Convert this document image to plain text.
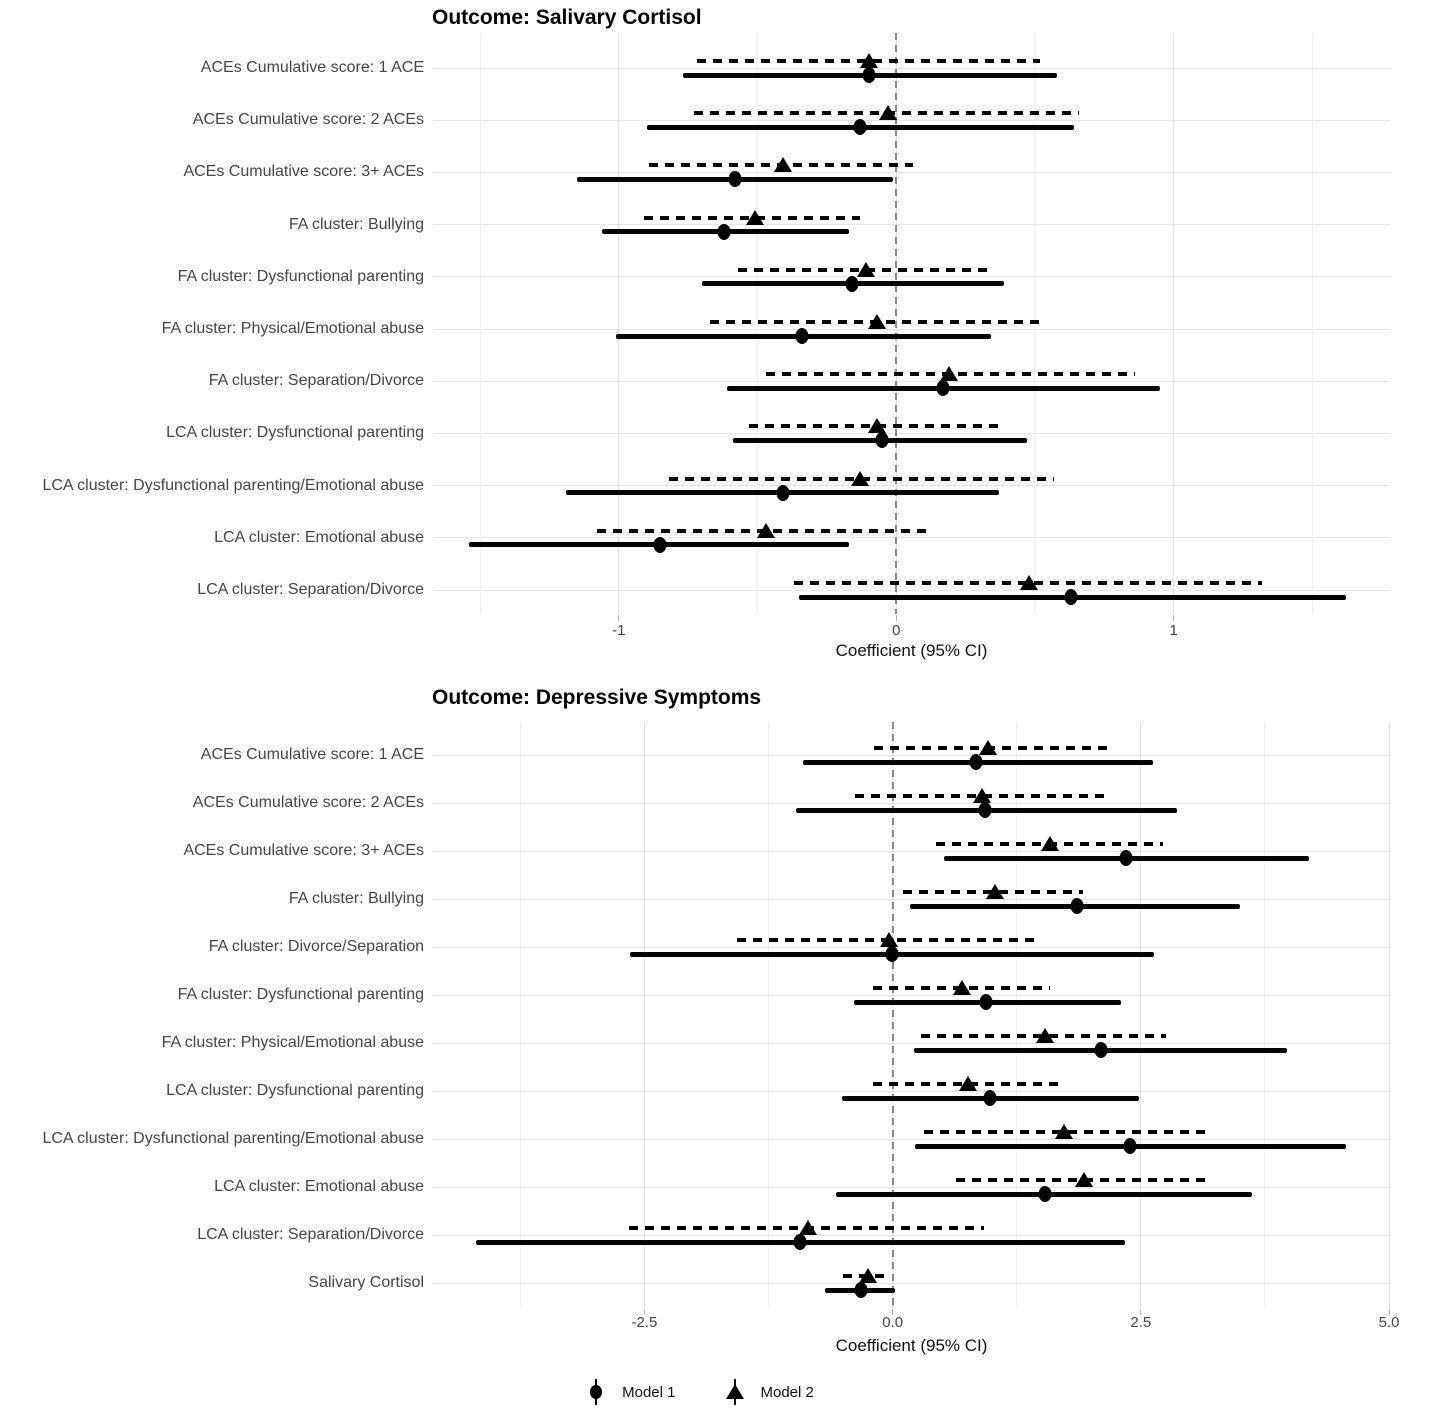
Outcome: Salivary Cortisol
Outcome: Depressive Symptoms
Coefficient (95% CI)
Coefficient (95% CI)
-1	0	1
ACEs Cumulative score: 1 ACE
ACEs Cumulative score: 2 ACEs
ACEs Cumulative score: 3+ ACEs
FA cluster: Bullying
FA cluster: Dysfunctional parenting
FA cluster: Physical/Emotional abuse
FA cluster: Separation/Divorce
LCA cluster: Dysfunctional parenting
LCA cluster: Dysfunctional parenting/Emotional abuse
LCA cluster: Emotional abuse
LCA cluster: Separation/Divorce
-2.5	0.0	2.5	5.0
ACEs Cumulative score: 1 ACE
ACEs Cumulative score: 2 ACEs
ACEs Cumulative score: 3+ ACEs
FA cluster: Bullying
FA cluster: Divorce/Separation
FA cluster: Dysfunctional parenting
FA cluster: Physical/Emotional abuse
LCA cluster: Dysfunctional parenting
LCA cluster: Dysfunctional parenting/Emotional abuse
LCA cluster: Emotional abuse
LCA cluster: Separation/Divorce
Salivary Cortisol
Model 1	Model 2
